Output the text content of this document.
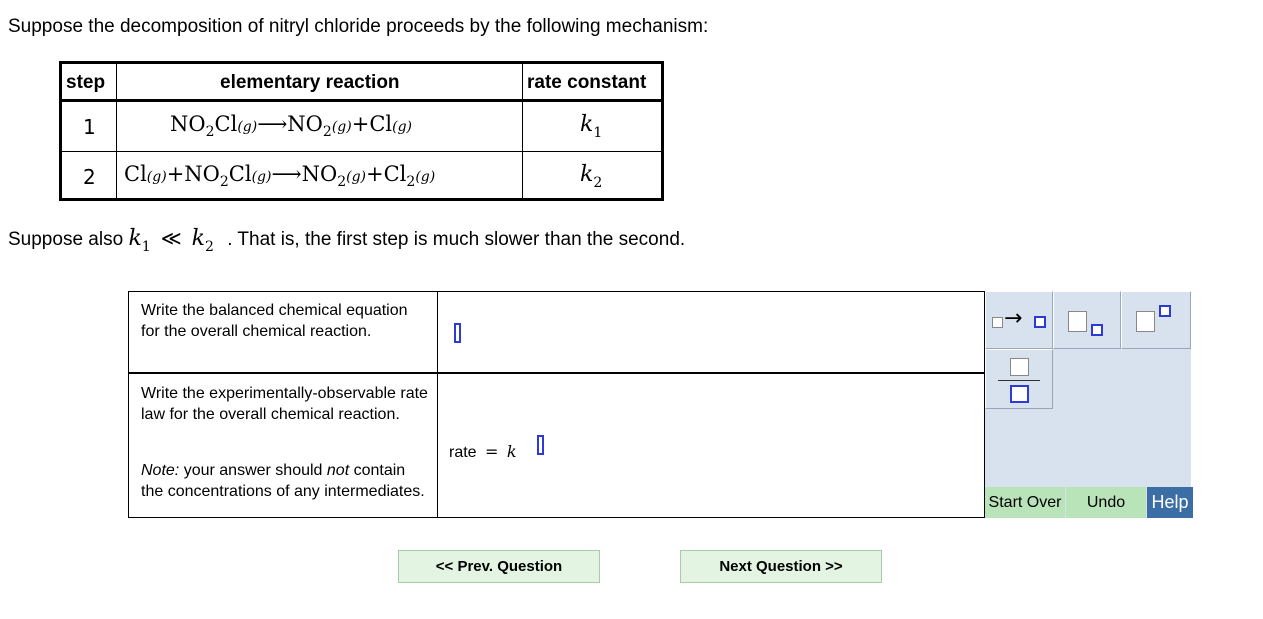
Suppose the decomposition of nitryl chloride proceeds by the following mechanism:
step	elementary reaction	rate constant
1	$NO_2Cl(g)⟶NO_2(g)+Cl(g)$	$k_1$
2 $Cl(g)+NO_2Cl(g)⟶NO_2(g)+Cl_2(g)$	$k_2$
Suppose also $k_1$ ≪ $k_2$ . That is, the first step is much slower than the second.
Write the balanced chemical equation for the overall chemical reaction.
Write the experimentally-observable rate law for the overall chemical reaction.
Note: your answer should not contain the concentrations of any intermediates.
rate = k
→
Start Over	Undo	Help
<< Prev. Question	Next Question >>
